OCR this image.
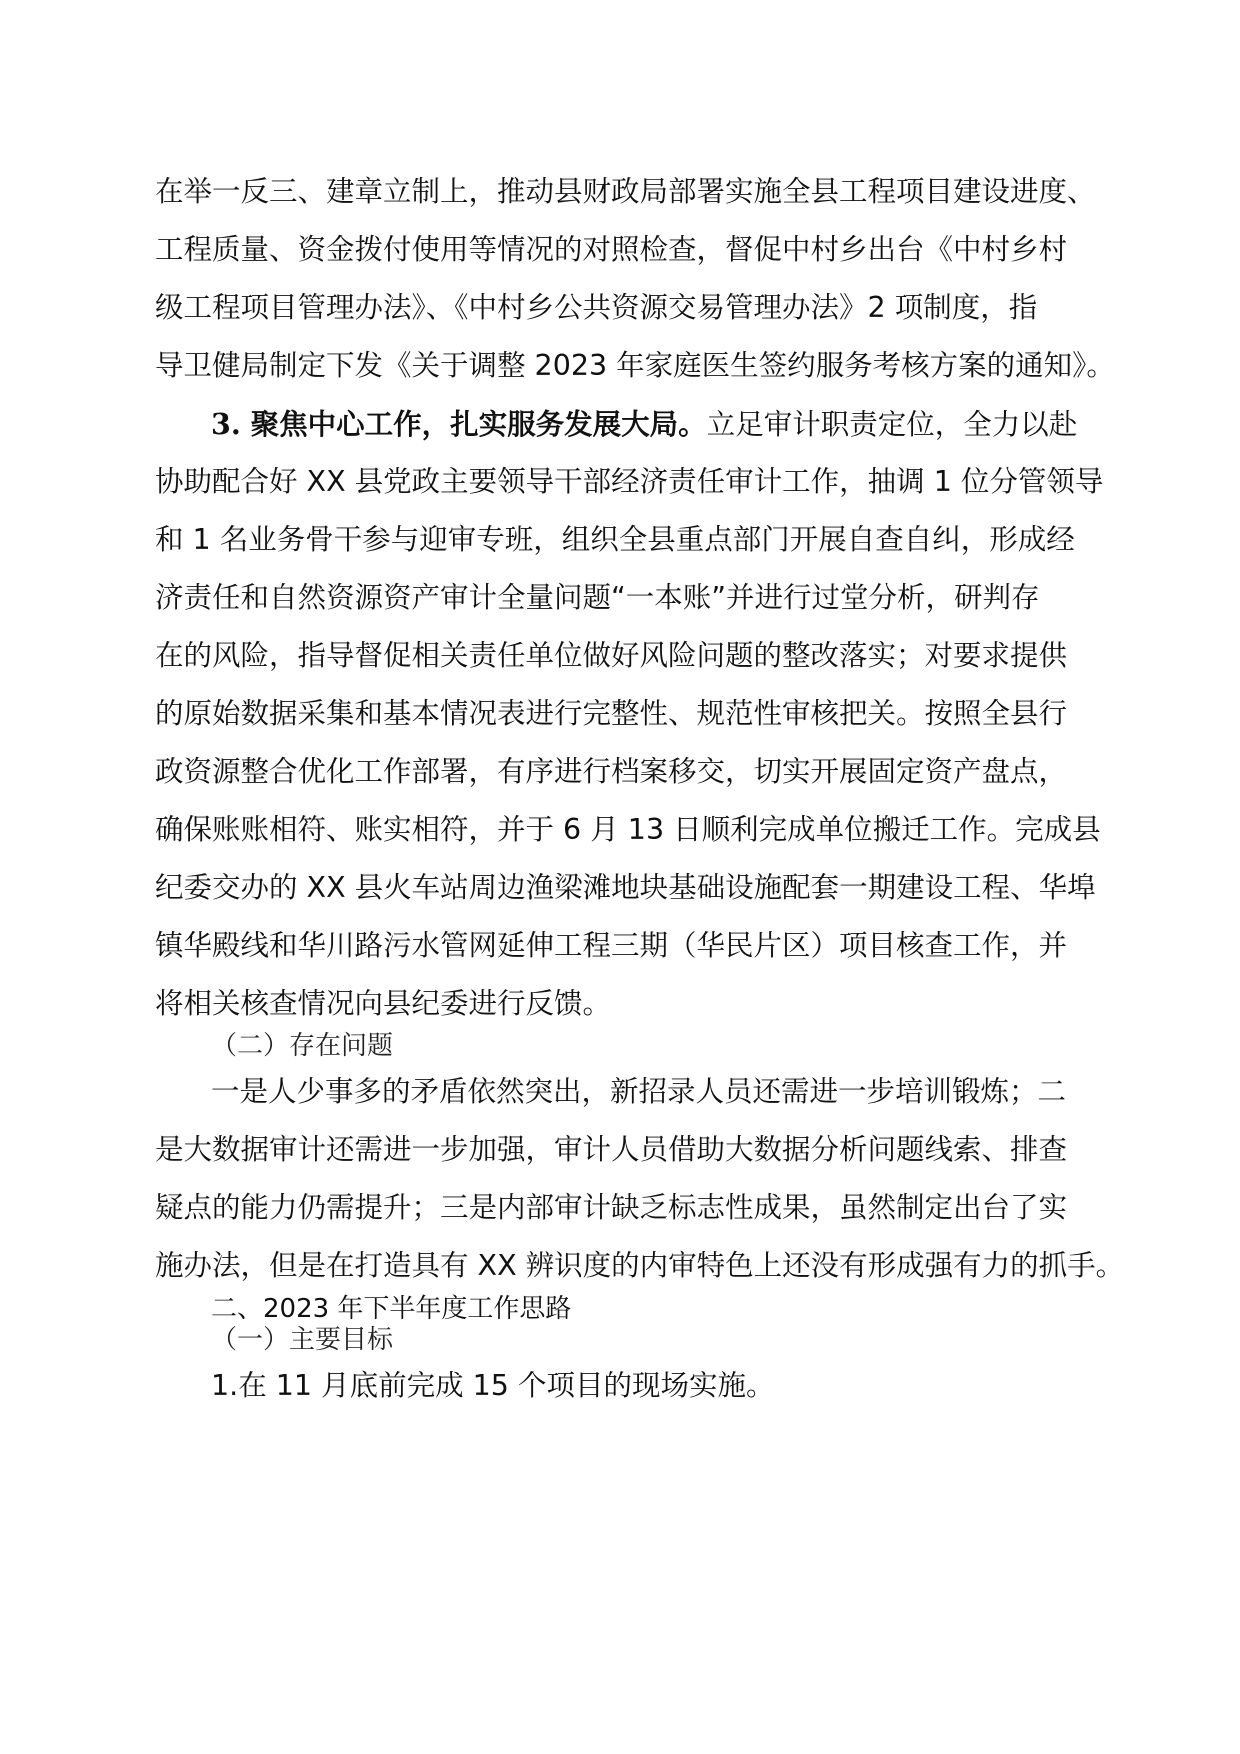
在举一反三、建章立制上，推动县财政局部署实施全县工程项目建设进度、
工程质量、资金拨付使用等情况的对照检查，督促中村乡出台《中村乡村
级工程项目管理办法》、《中村乡公共资源交易管理办法》2 项制度，指
导卫健局制定下发《关于调整 2023 年家庭医生签约服务考核方案的通知》。
3. 聚焦中心工作，扎实服务发展大局。立足审计职责定位，全力以赴
协助配合好 XX 县党政主要领导干部经济责任审计工作，抽调 1 位分管领导
和 1 名业务骨干参与迎审专班，组织全县重点部门开展自查自纠，形成经
济责任和自然资源资产审计全量问题“一本账”并进行过堂分析，研判存
在的风险，指导督促相关责任单位做好风险问题的整改落实；对要求提供
的原始数据采集和基本情况表进行完整性、规范性审核把关。按照全县行
政资源整合优化工作部署，有序进行档案移交，切实开展固定资产盘点，
确保账账相符、账实相符，并于 6 月 13 日顺利完成单位搬迁工作。完成县
纪委交办的 XX 县火车站周边渔梁滩地块基础设施配套一期建设工程、华埠
镇华殿线和华川路污水管网延伸工程三期（华民片区）项目核查工作，并
将相关核查情况向县纪委进行反馈。
（二）存在问题
一是人少事多的矛盾依然突出，新招录人员还需进一步培训锻炼；二
是大数据审计还需进一步加强，审计人员借助大数据分析问题线索、排查
疑点的能力仍需提升；三是内部审计缺乏标志性成果，虽然制定出台了实
施办法，但是在打造具有 XX 辨识度的内审特色上还没有形成强有力的抓手。
二、2023 年下半年度工作思路
（一）主要目标
1.在 11 月底前完成 15 个项目的现场实施。
